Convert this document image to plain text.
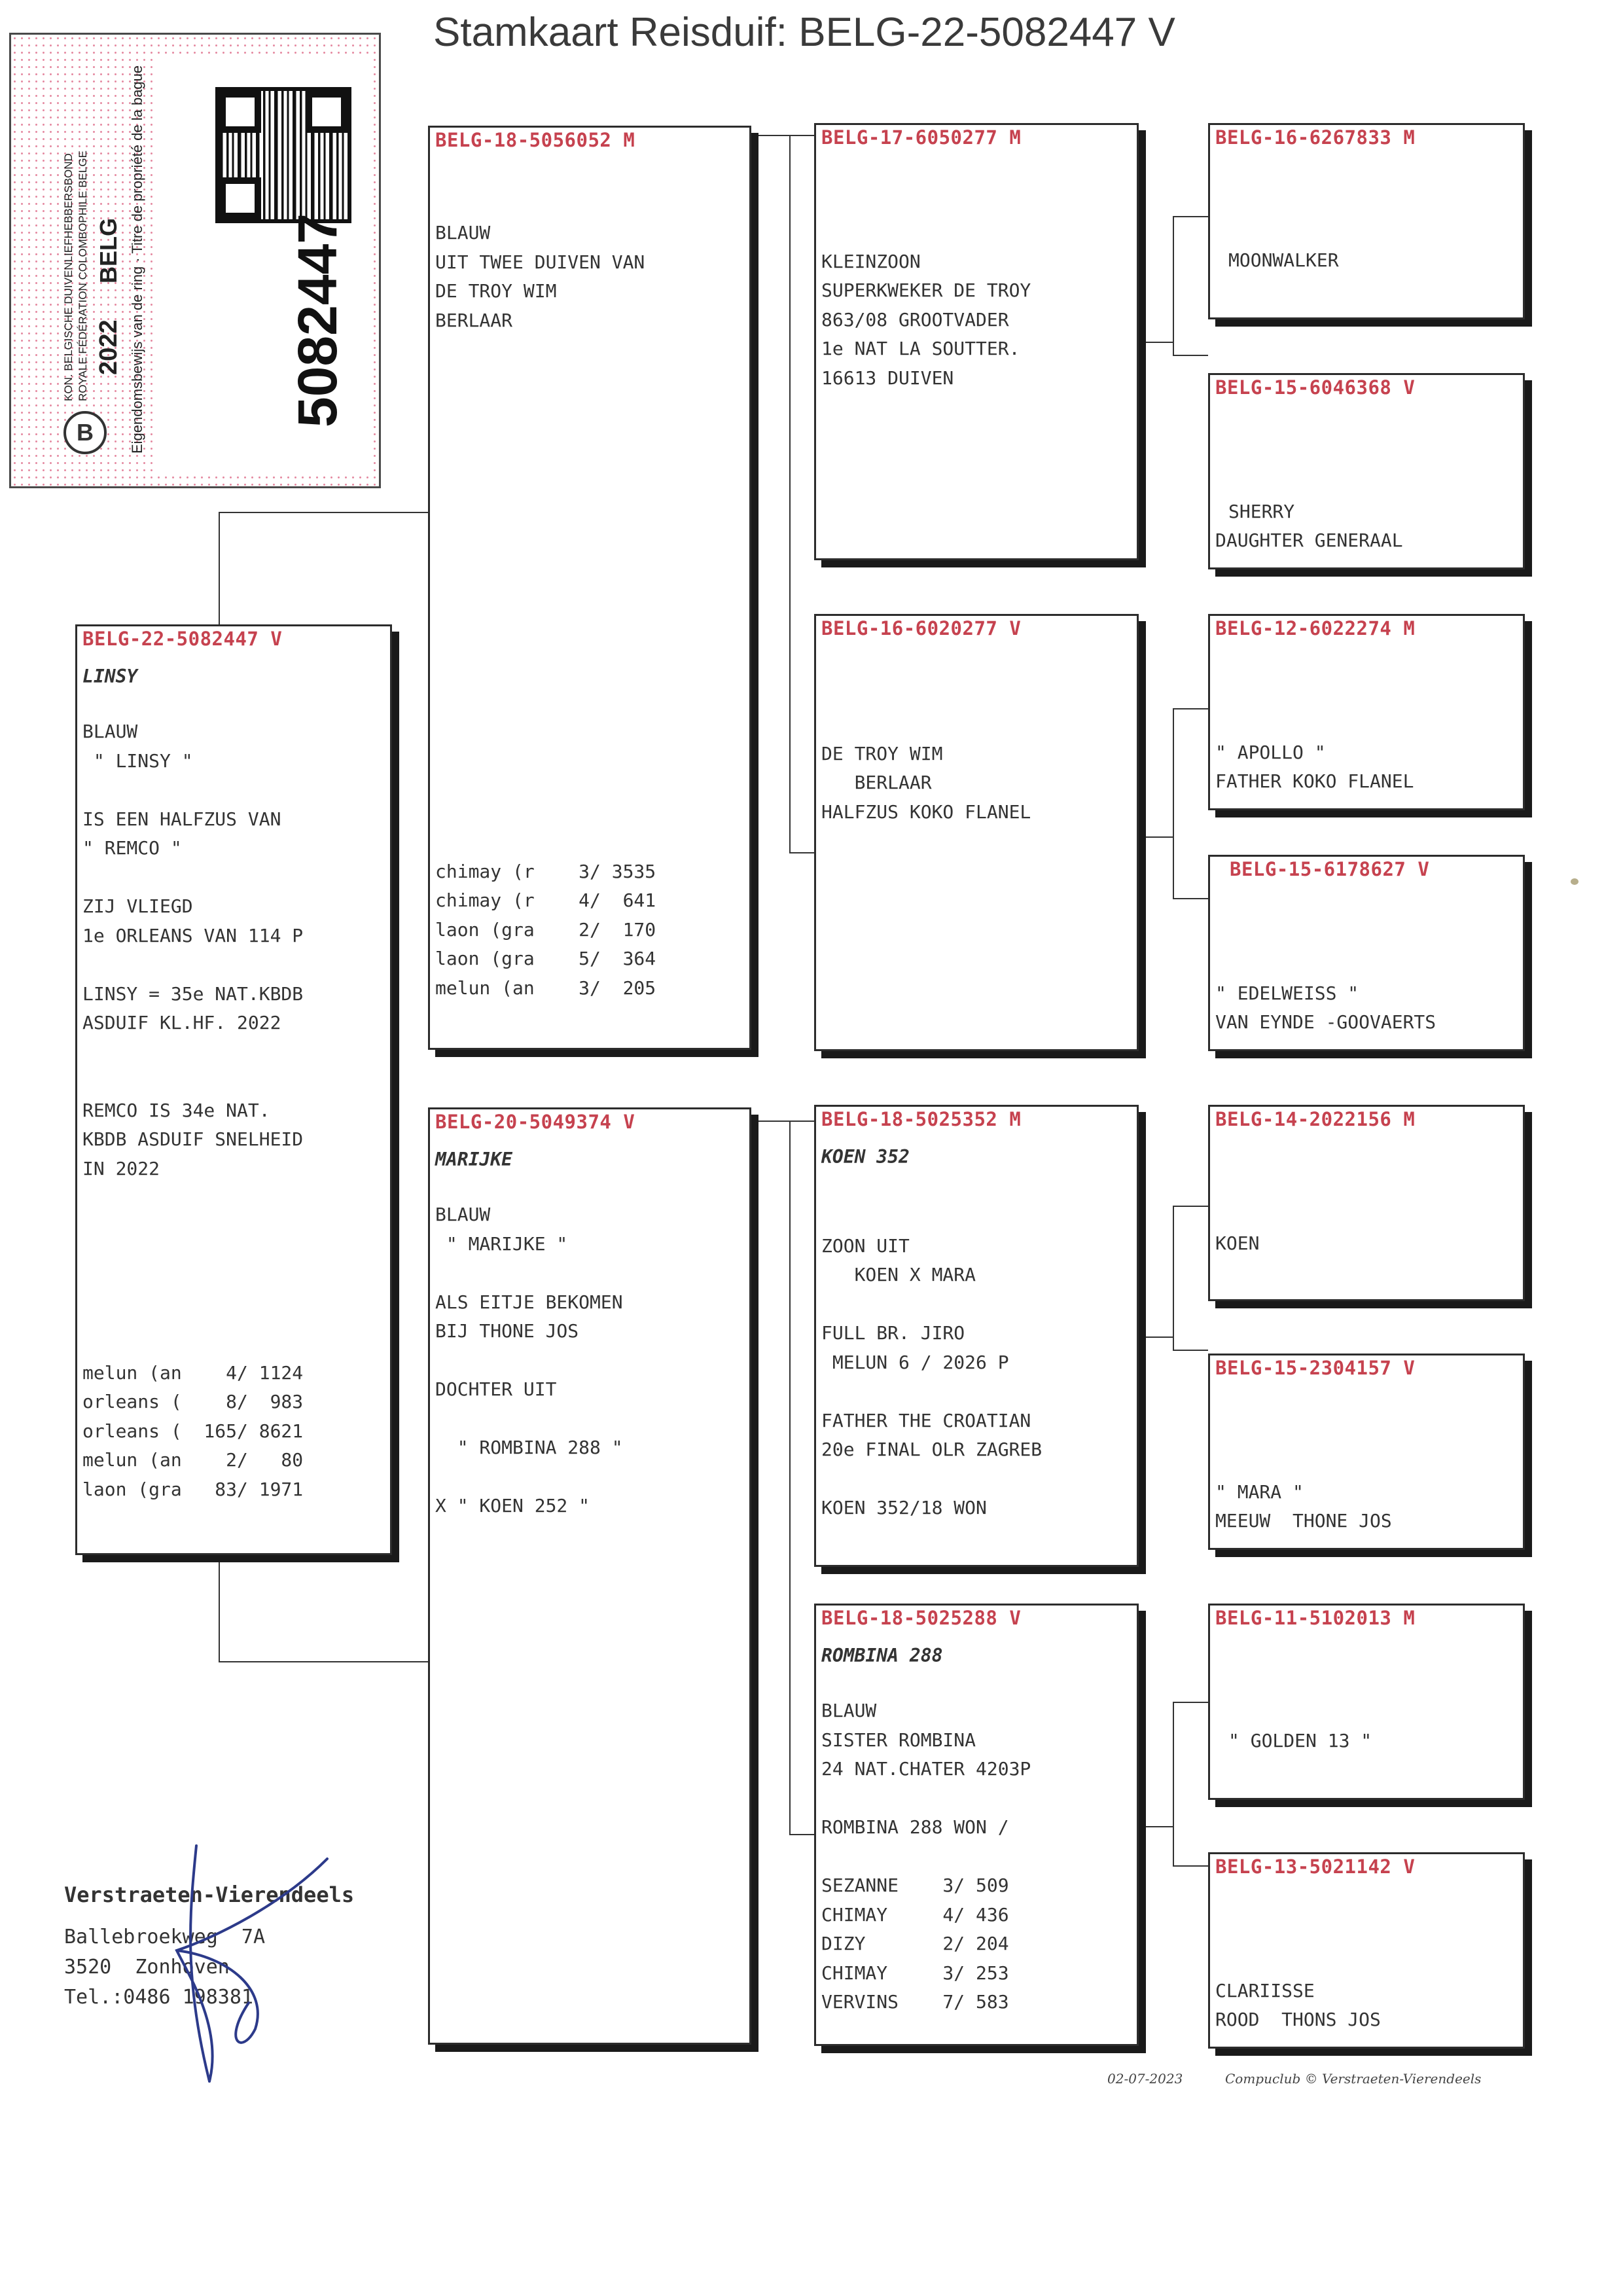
Stamkaart Reisduif: BELG-22-5082447 V
5082447
KON. BELGISCHE DUIVENLIEFHEBBERSBOND ROYALE FÉDÉRATION COLOMBOPHILE BELGE 2022
BELG Eigendomsbewijs van de ring · Titre de propriété de la bague
B
BELG-22-5082447 V
LINSY
BLAUW
" LINSY "
IS EEN HALFZUS VAN
" REMCO "
ZIJ VLIEGD
1e ORLEANS VAN 114 P
LINSY = 35e NAT.KBDB
ASDUIF KL.HF. 2022
REMCO IS 34e NAT.
KBDB ASDUIF SNELHEID
IN 2022
melun (an    4/ 1124
orleans (    8/  983
orleans (  165/ 8621
melun (an    2/   80
laon (gra   83/ 1971
BELG-18-5056052 M
BLAUW
UIT TWEE DUIVEN VAN
DE TROY WIM
BERLAAR
chimay (r    3/ 3535
chimay (r    4/  641
laon (gra    2/  170
laon (gra    5/  364
melun (an    3/  205
BELG-20-5049374 V
MARIJKE
BLAUW
" MARIJKE "
ALS EITJE BEKOMEN
BIJ THONE JOS
DOCHTER UIT
" ROMBINA 288 "
X " KOEN 252 "
BELG-17-6050277 M
KLEINZOON
SUPERKWEKER DE TROY
863/08 GROOTVADER
1e NAT LA SOUTTER.
16613 DUIVEN
BELG-16-6020277 V
DE TROY WIM
BERLAAR
HALFZUS KOKO FLANEL
BELG-18-5025352 M
KOEN 352
ZOON UIT
KOEN X MARA
FULL BR. JIRO
MELUN 6 / 2026 P
FATHER THE CROATIAN
20e FINAL OLR ZAGREB
KOEN 352/18 WON
BELG-18-5025288 V
ROMBINA 288
BLAUW
SISTER ROMBINA
24 NAT.CHATER 4203P
ROMBINA 288 WON /
SEZANNE    3/ 509
CHIMAY     4/ 436
DIZY       2/ 204
CHIMAY     3/ 253
VERVINS    7/ 583
BELG-16-6267833 M
MOONWALKER
BELG-15-6046368 V
SHERRY
DAUGHTER GENERAAL
BELG-12-6022274 M
" APOLLO "
FATHER KOKO FLANEL
BELG-15-6178627 V
" EDELWEISS "
VAN EYNDE -GOOVAERTS
BELG-14-2022156 M
KOEN
BELG-15-2304157 V
" MARA "
MEEUW  THONE JOS
BELG-11-5102013 M
" GOLDEN 13 "
BELG-13-5021142 V
CLARIISSE
ROOD  THONS JOS
Verstraeten-Vierendeels
Ballebroekweg  7A
3520  Zonhoven
Tel.:0486 198381
02-07-2023	Compuclub © Verstraeten-Vierendeels
